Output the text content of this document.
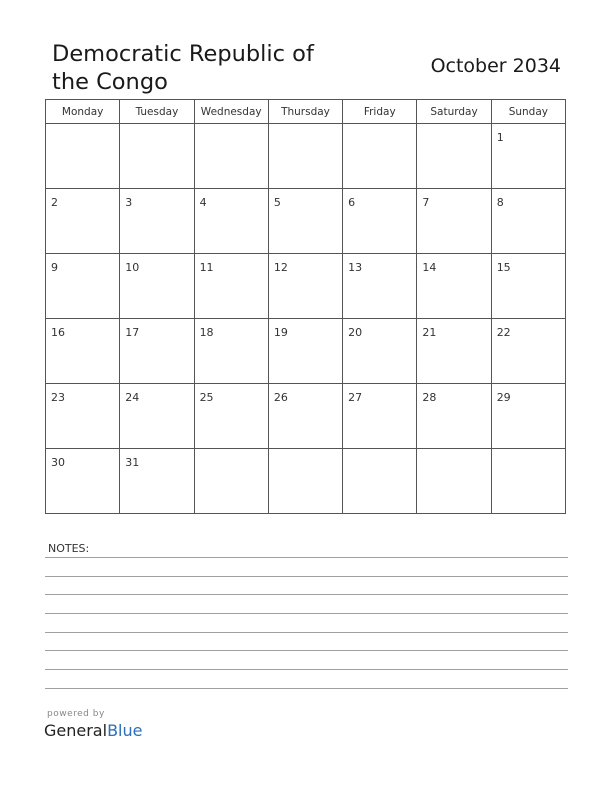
Democratic Republic of
the Congo
October 2034
Monday	Tuesday	Wednesday	Thursday	Friday	Saturday	Sunday

						1

2	3	4	5	6	7	8

9	10	11	12	13	14	15

16	17	18	19	20	21	22

23	24	25	26	27	28	29

30	31					

NOTES:
powered by
GeneralBlue
